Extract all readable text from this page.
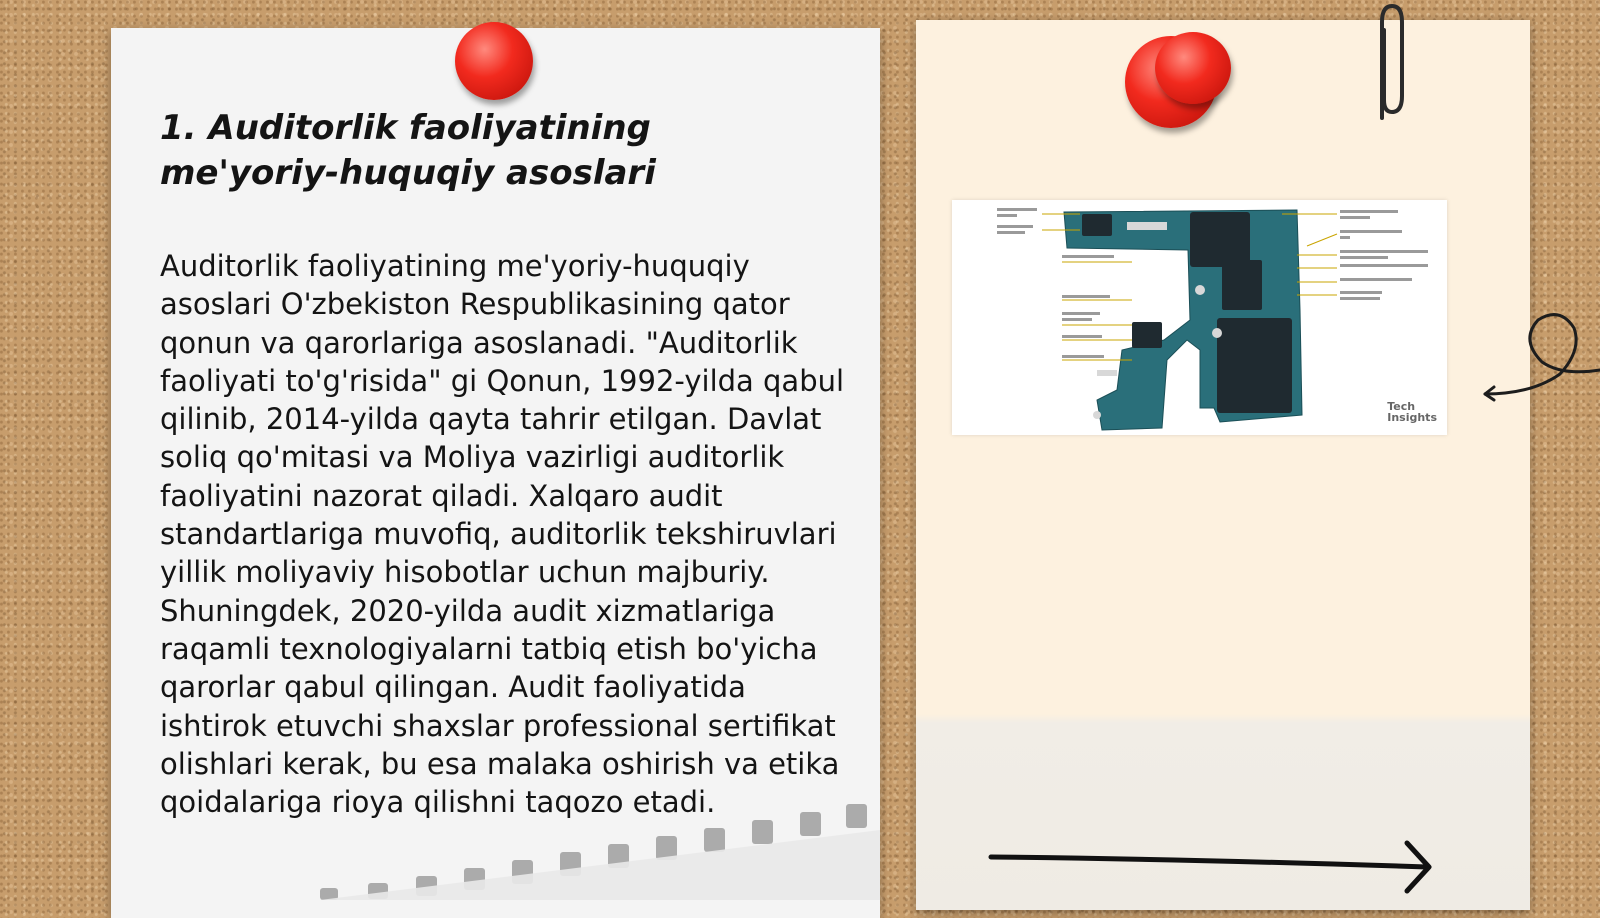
1. Auditorlik faoliyatining me'yoriy-huquqiy asoslari

Auditorlik faoliyatining me'yoriy-huquqiy asoslari O'zbekiston Respublikasining qator qonun va qarorlariga asoslanadi. "Auditorlik faoliyati to'g'risida" gi Qonun, 1992-yilda qabul qilinib, 2014-yilda qayta tahrir etilgan. Davlat soliq qo'mitasi va Moliya vazirligi auditorlik faoliyatini nazorat qiladi. Xalqaro audit standartlariga muvofiq, auditorlik tekshiruvlari yillik moliyaviy hisobotlar uchun majburiy. Shuningdek, 2020-yilda audit xizmatlariga raqamli texnologiyalarni tatbiq etish bo'yicha qarorlar qabul qilingan. Audit faoliyatida ishtirok etuvchi shaxslar professional sertifikat olishlari kerak, bu esa malaka oshirish va etika qoidalariga rioya qilishni taqozo etadi.

Tech
Insights
